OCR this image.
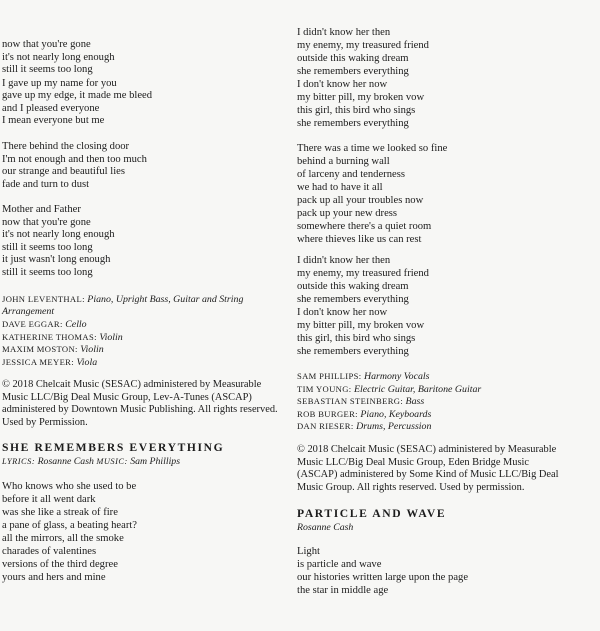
now that you're gone
it's not nearly long enough
still it seems too long
I gave up my name for you
gave up my edge, it made me bleed
and I pleased everyone
I mean everyone but me
There behind the closing door
I'm not enough and then too much
our strange and beautiful lies
fade and turn to dust
Mother and Father
now that you're gone
it's not nearly long enough
still it seems too long
it just wasn't long enough
still it seems too long
JOHN LEVENTHAL: Piano, Upright Bass, Guitar and String
Arrangement
DAVE EGGAR: Cello
KATHERINE THOMAS: Violin
MAXIM MOSTON: Violin
JESSICA MEYER: Viola
© 2018 Chelcait Music (SESAC) administered by Measurable Music LLC/Big Deal Music Group, Lev-A-Tunes (ASCAP) administered by Downtown Music Publishing. All rights reserved. Used by Permission.
SHE REMEMBERS EVERYTHING
LYRICS: Rosanne Cash MUSIC: Sam Phillips
Who knows who she used to be
before it all went dark
was she like a streak of fire
a pane of glass, a beating heart?
all the mirrors, all the smoke
charades of valentines
versions of the third degree
yours and hers and mine
I didn't know her then
my enemy, my treasured friend
outside this waking dream
she remembers everything
I don't know her now
my bitter pill, my broken vow
this girl, this bird who sings
she remembers everything
There was a time we looked so fine
behind a burning wall
of larceny and tenderness
we had to have it all
pack up all your troubles now
pack up your new dress
somewhere there's a quiet room
where thieves like us can rest
I didn't know her then
my enemy, my treasured friend
outside this waking dream
she remembers everything
I don't know her now
my bitter pill, my broken vow
this girl, this bird who sings
she remembers everything
SAM PHILLIPS: Harmony Vocals
TIM YOUNG: Electric Guitar, Baritone Guitar
SEBASTIAN STEINBERG: Bass
ROB BURGER: Piano, Keyboards
DAN RIESER: Drums, Percussion
© 2018 Chelcait Music (SESAC) administered by Measurable Music LLC/Big Deal Music Group, Eden Bridge Music (ASCAP) administered by Some Kind of Music LLC/Big Deal Music Group. All rights reserved. Used by permission.
PARTICLE AND WAVE
Rosanne Cash
Light
is particle and wave
our histories written large upon the page
the star in middle age
